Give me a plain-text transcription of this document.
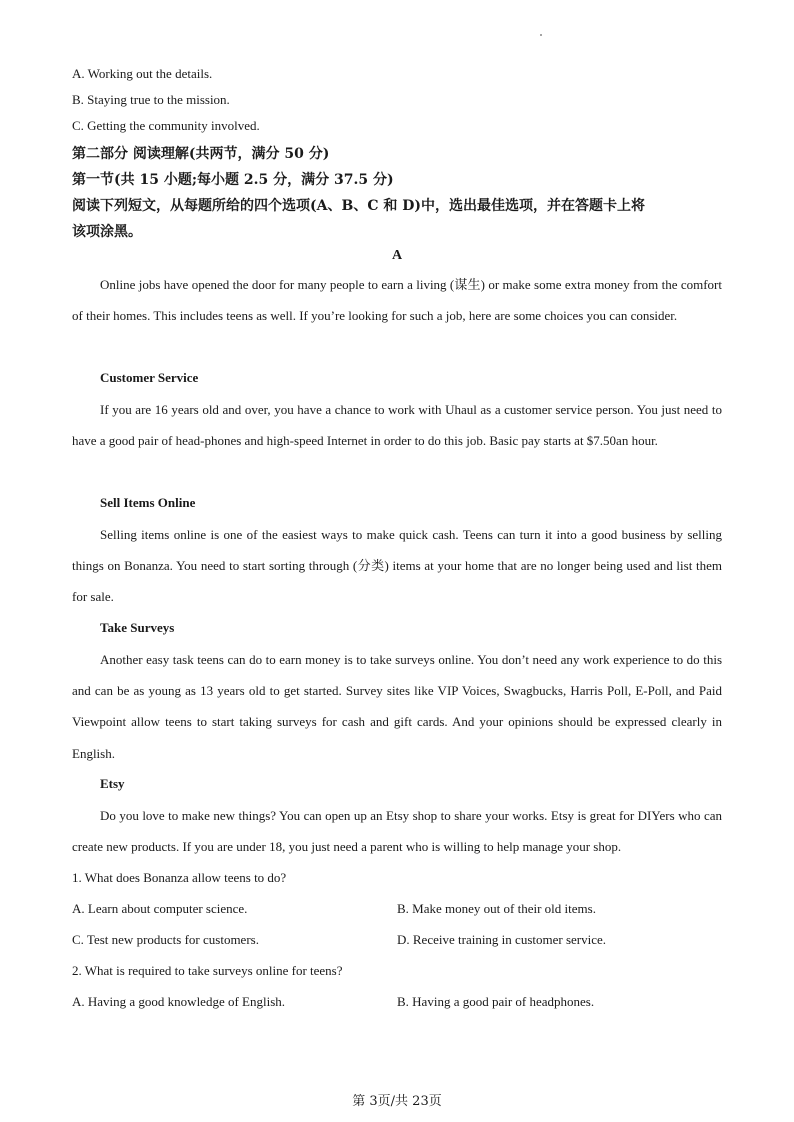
A. Working out the details.
B. Staying true to the mission.
C. Getting the community involved.
第二部分 阅读理解(共两节，满分 50 分)
第一节(共 15 小题;每小题 2.5 分，满分 37.5 分)
阅读下列短文，从每题所给的四个选项(A、B、C 和 D)中，选出最佳选项，并在答题卡上将
该项涂黑。
A
Online jobs have opened the door for many people to earn a living (谋生) or make some extra money from the comfort of their homes. This includes teens as well. If you’re looking for such a job, here are some choices you can consider.
Customer Service
If you are 16 years old and over, you have a chance to work with Uhaul as a customer service person. You just need to have a good pair of head-phones and high-speed Internet in order to do this job. Basic pay starts at $7.50an hour.
Sell Items Online
Selling items online is one of the easiest ways to make quick cash. Teens can turn it into a good business by selling things on Bonanza. You need to start sorting through (分类) items at your home that are no longer being used and list them for sale.
Take Surveys
Another easy task teens can do to earn money is to take surveys online. You don’t need any work experience to do this and can be as young as 13 years old to get started. Survey sites like VIP Voices, Swagbucks, Harris Poll, E-Poll, and Paid Viewpoint allow teens to start taking surveys for cash and gift cards. And your opinions should be expressed clearly in English.
Etsy
Do you love to make new things? You can open up an Etsy shop to share your works. Etsy is great for DIYers who can create new products. If you are under 18, you just need a parent who is willing to help manage your shop.
1. What does Bonanza allow teens to do?
A. Learn about computer science.	B. Make money out of their old items.
C. Test new products for customers.	D. Receive training in customer service.
2. What is required to take surveys online for teens?
A. Having a good knowledge of English.	B. Having a good pair of headphones.
第 3页/共 23页
